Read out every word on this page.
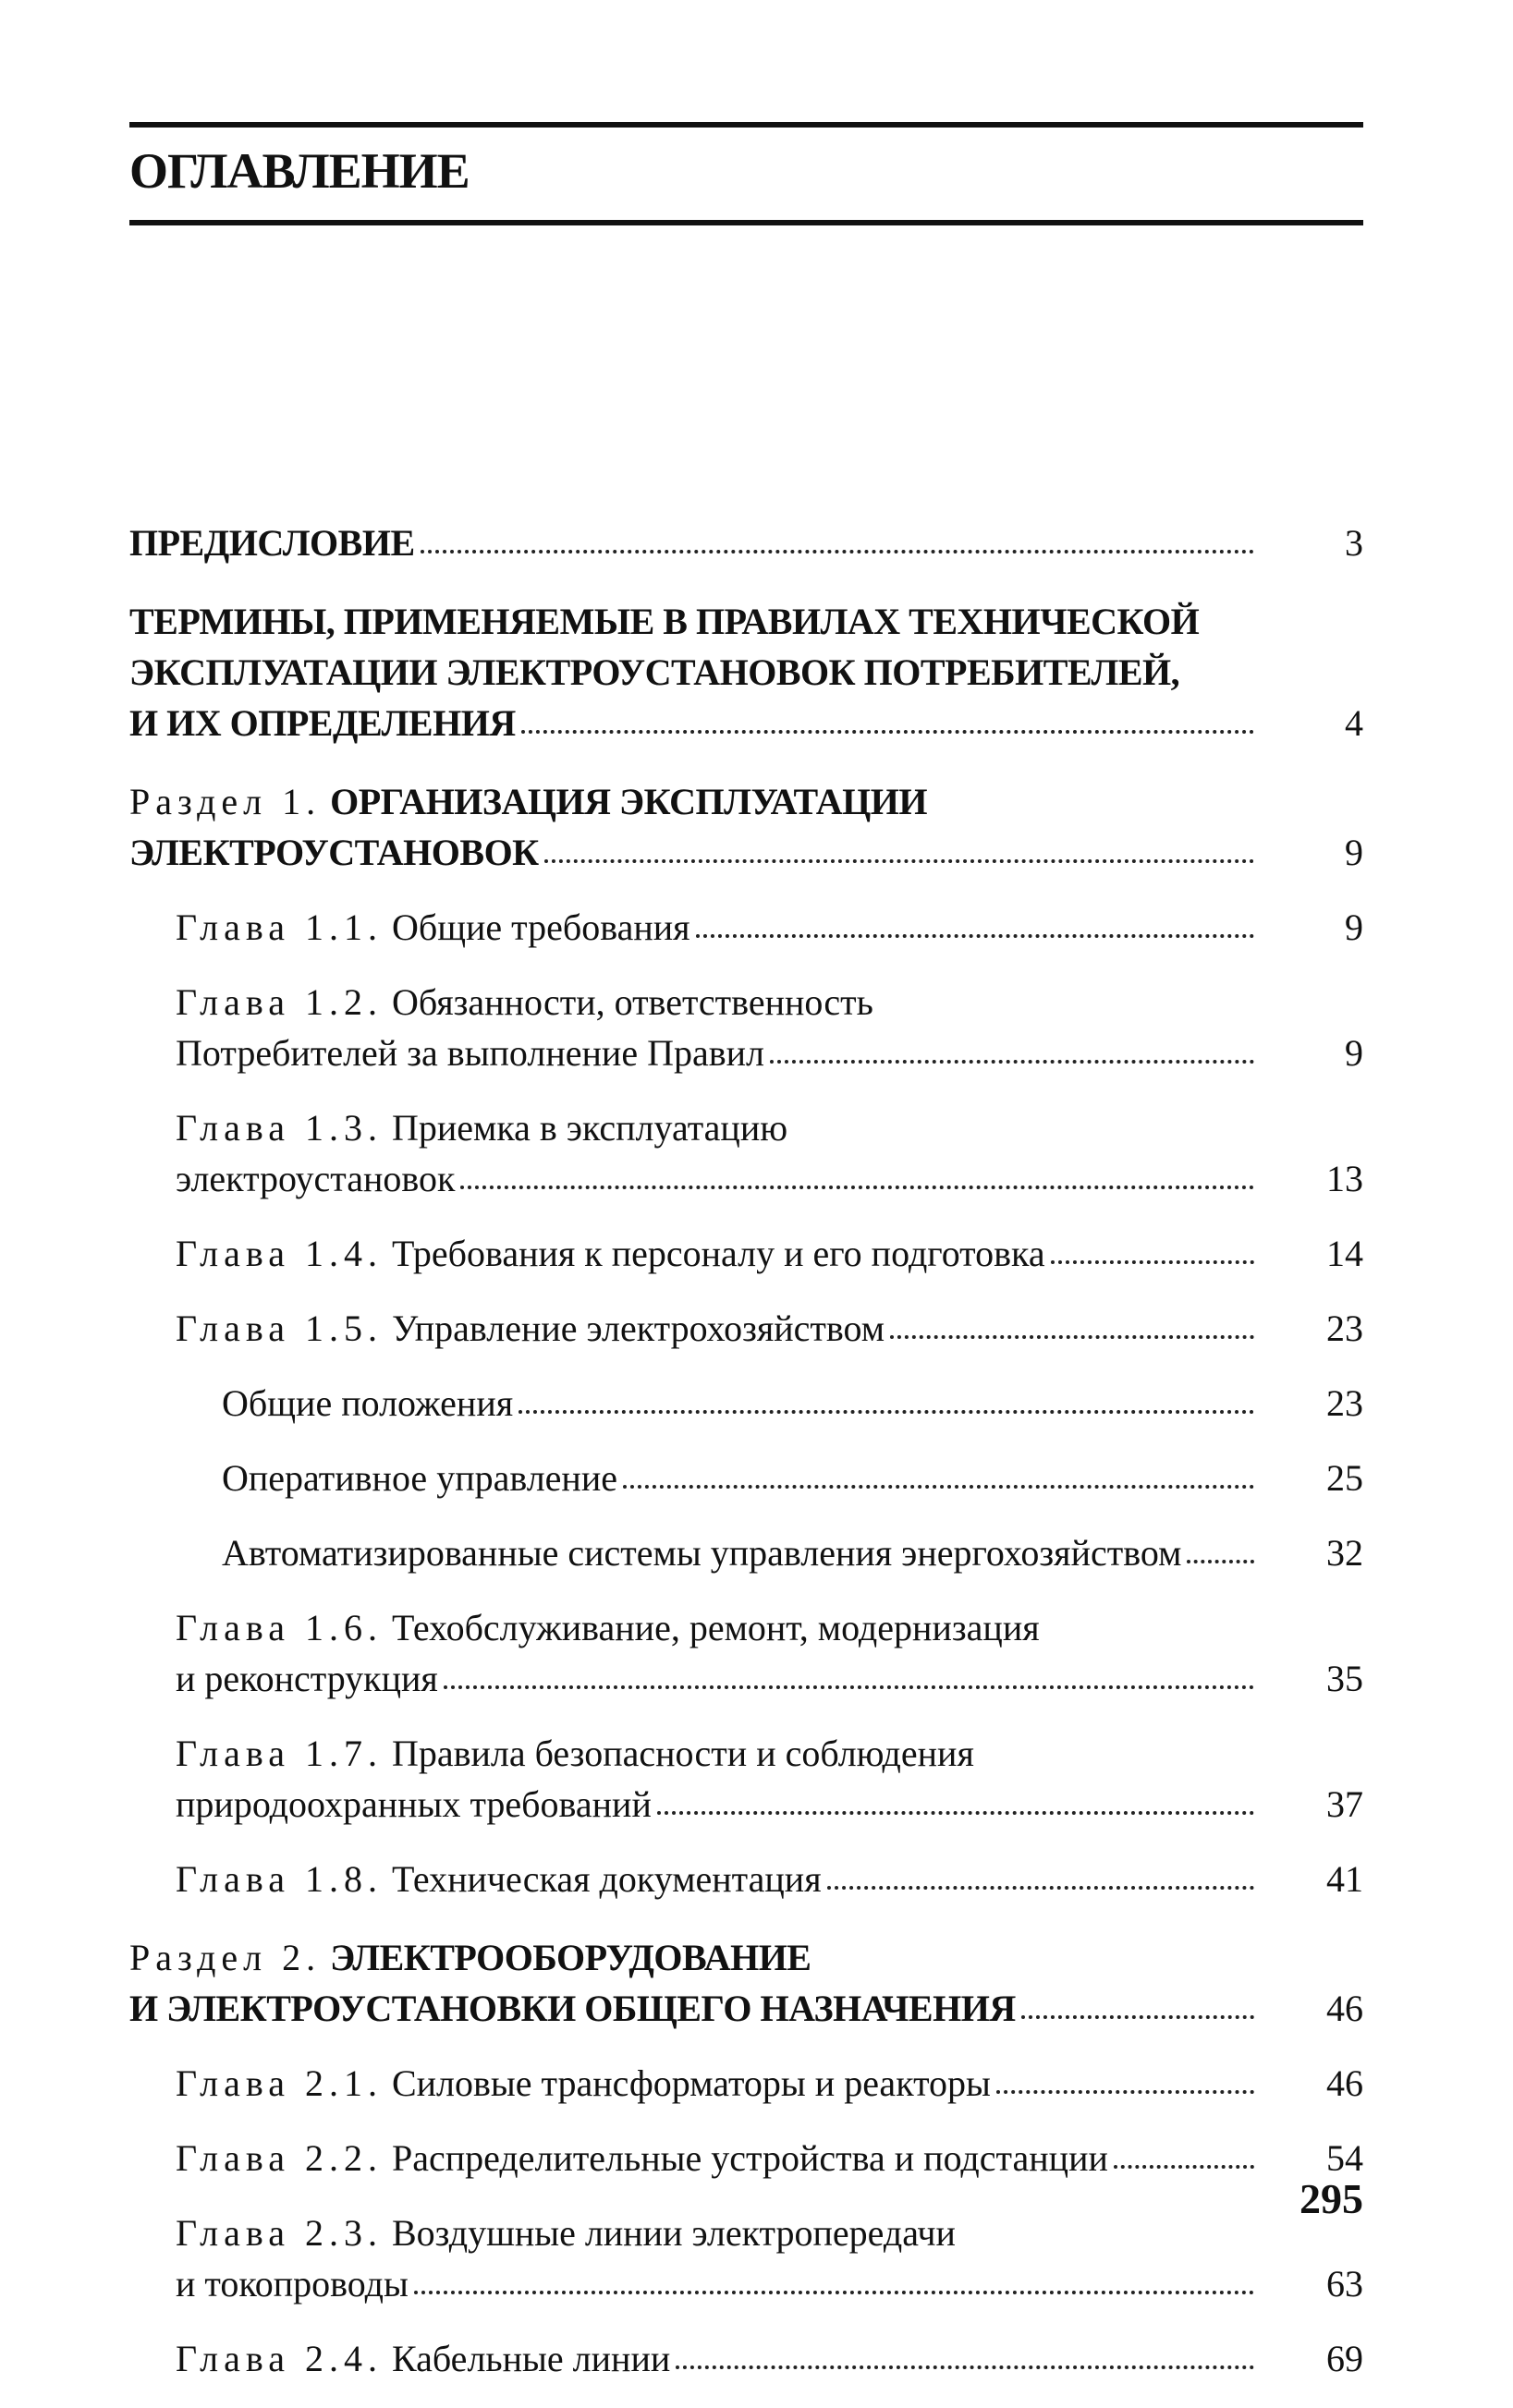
ОГЛАВЛЕНИЕ
ПРЕДИСЛОВИЕ	3
ТЕРМИНЫ, ПРИМЕНЯЕМЫЕ В ПРАВИЛАХ ТЕХНИЧЕСКОЙ
ЭКСПЛУАТАЦИИ ЭЛЕКТРОУСТАНОВОК ПОТРЕБИТЕЛЕЙ,
И ИХ ОПРЕДЕЛЕНИЯ	4
Раздел 1. ОРГАНИЗАЦИЯ ЭКСПЛУАТАЦИИ
ЭЛЕКТРОУСТАНОВОК	9
Глава 1.1. Общие требования	9
Глава 1.2. Обязанности, ответственность
Потребителей за выполнение Правил	9
Глава 1.3. Приемка в эксплуатацию
электроустановок	13
Глава 1.4. Требования к персоналу и его подготовка	14
Глава 1.5. Управление электрохозяйством	23
Общие положения	23
Оперативное управление	25
Автоматизированные системы управления энергохозяйством	32
Глава 1.6. Техобслуживание, ремонт, модернизация
и реконструкция	35
Глава 1.7. Правила безопасности и соблюдения
природоохранных требований	37
Глава 1.8. Техническая документация	41
Раздел 2. ЭЛЕКТРООБОРУДОВАНИЕ
И ЭЛЕКТРОУСТАНОВКИ ОБЩЕГО НАЗНАЧЕНИЯ	46
Глава 2.1. Силовые трансформаторы и реакторы	46
Глава 2.2. Распределительные устройства и подстанции	54
Глава 2.3. Воздушные линии электропередачи
и токопроводы	63
Глава 2.4. Кабельные линии	69
295
